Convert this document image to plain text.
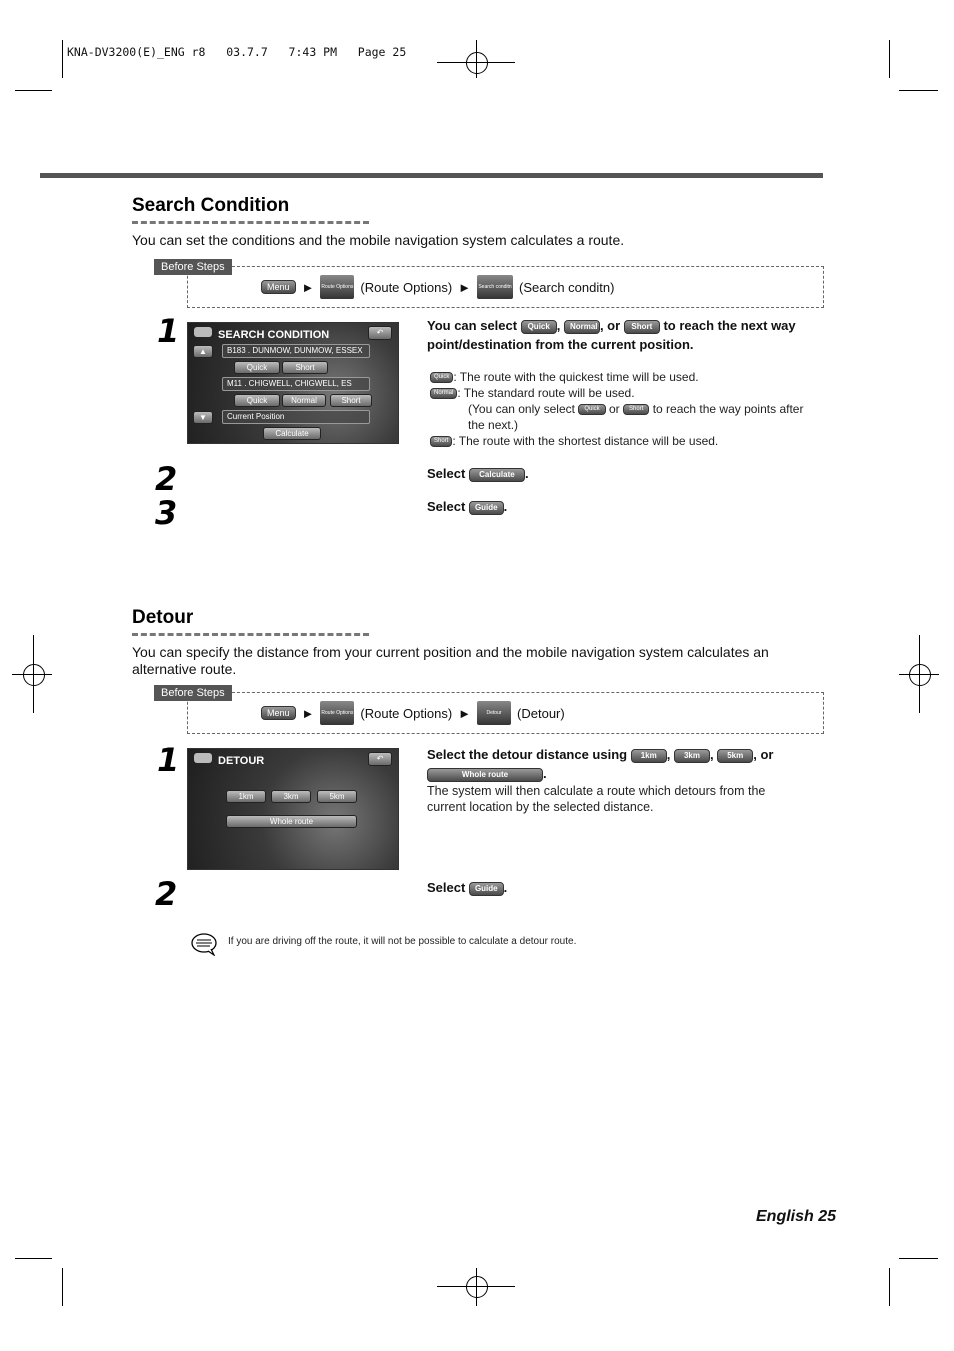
KNA-DV3200(E)_ENG r8   03.7.7   7:43 PM   Page 25
Search Condition
You can set the conditions and the mobile navigation system calculates a route.
Before Steps
Menu ► Route Options (Route Options) ► Search conditn (Search conditn)
1	SEARCH CONDITION	↶
▲	B183 . DUNMOW, DUNMOW, ESSEX
Quick	Short
M11 . CHIGWELL, CHIGWELL, ES
Quick	Normal	Short
▼	Current Position
Calculate
You can select Quick , Normal , or Short to reach the next way point/destination from the current position.
Quick : The route with the quickest time will be used.
Normal : The standard route will be used.
(You can only select Quick or Short to reach the way points after the next.)
Short : The route with the shortest distance will be used.
2	Select Calculate .
3	Select Guide .
Detour
You can specify the distance from your current position and the mobile navigation system calculates an alternative route.
Before Steps
Menu ► Route Options (Route Options) ►	Detour	(Detour)
1	DETOUR	↶
1km	3km	5km
Whole route
Select the detour distance using 1km , 3km , 5km , or
Whole route	.
The system will then calculate a route which detours from the current location by the selected distance.
2	Select Guide .
If you are driving off the route, it will not be possible to calculate a detour route.
English 25
